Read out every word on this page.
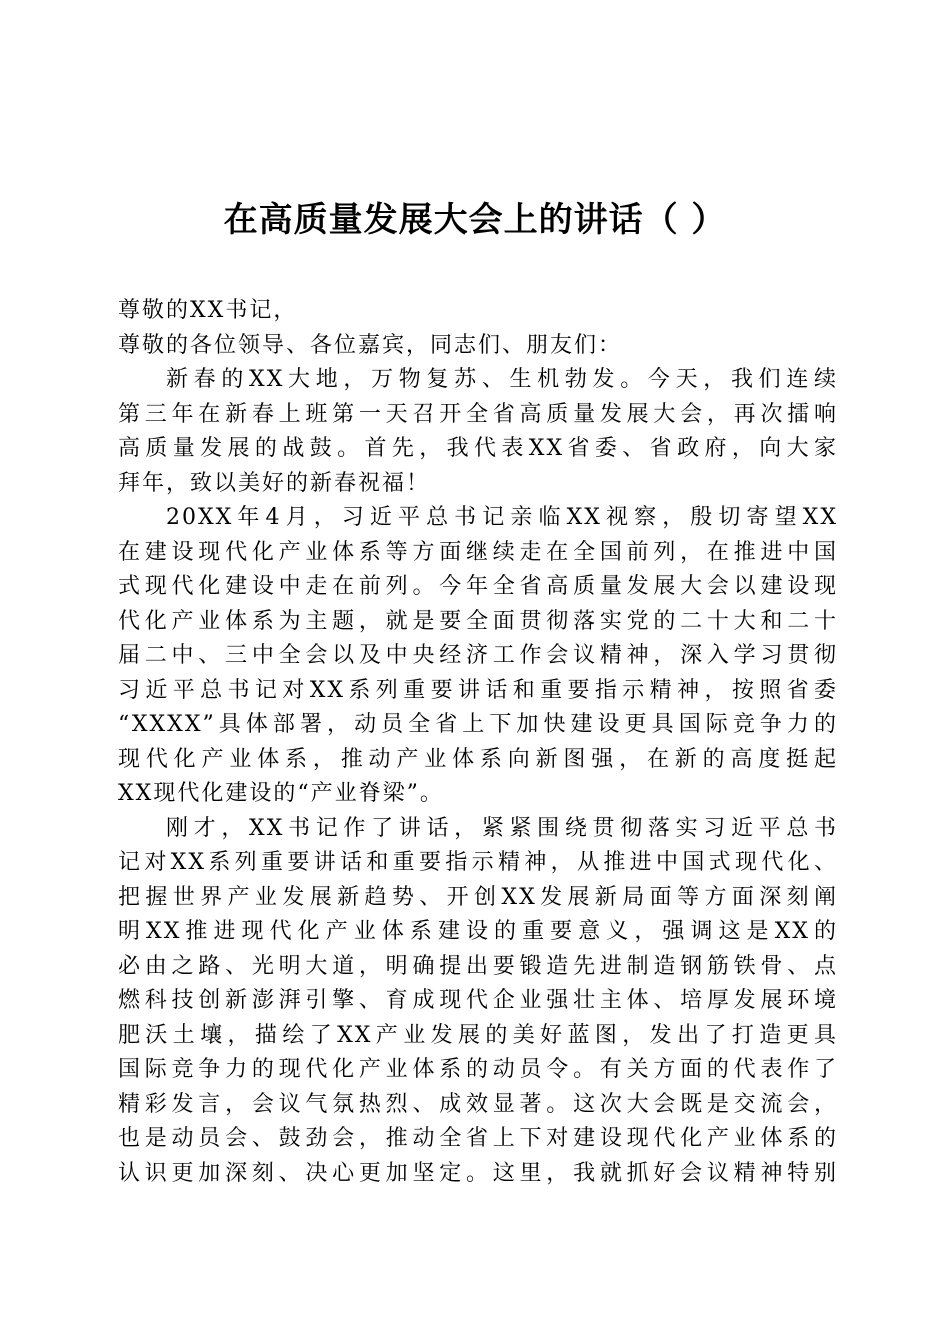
在高质量发展大会上的讲话（ ）
尊敬的XX书记，
尊敬的各位领导、各位嘉宾，同志们、朋友们：
新春的XX大地，万物复苏、生机勃发。今天，我们连续
第三年在新春上班第一天召开全省高质量发展大会，再次擂响
高质量发展的战鼓。首先，我代表XX省委、省政府，向大家
拜年，致以美好的新春祝福！
20XX年4月，习近平总书记亲临XX视察，殷切寄望XX
在建设现代化产业体系等方面继续走在全国前列，在推进中国
式现代化建设中走在前列。今年全省高质量发展大会以建设现
代化产业体系为主题，就是要全面贯彻落实党的二十大和二十
届二中、三中全会以及中央经济工作会议精神，深入学习贯彻
习近平总书记对XX系列重要讲话和重要指示精神，按照省委
“XXXX”具体部署，动员全省上下加快建设更具国际竞争力的
现代化产业体系，推动产业体系向新图强，在新的高度挺起
XX现代化建设的“产业脊梁”。
刚才，XX书记作了讲话，紧紧围绕贯彻落实习近平总书
记对XX系列重要讲话和重要指示精神，从推进中国式现代化、
把握世界产业发展新趋势、开创XX发展新局面等方面深刻阐
明XX推进现代化产业体系建设的重要意义，强调这是XX的
必由之路、光明大道，明确提出要锻造先进制造钢筋铁骨、点
燃科技创新澎湃引擎、育成现代企业强壮主体、培厚发展环境
肥沃土壤，描绘了XX产业发展的美好蓝图，发出了打造更具
国际竞争力的现代化产业体系的动员令。有关方面的代表作了
精彩发言，会议气氛热烈、成效显著。这次大会既是交流会，
也是动员会、鼓劲会，推动全省上下对建设现代化产业体系的
认识更加深刻、决心更加坚定。这里，我就抓好会议精神特别
